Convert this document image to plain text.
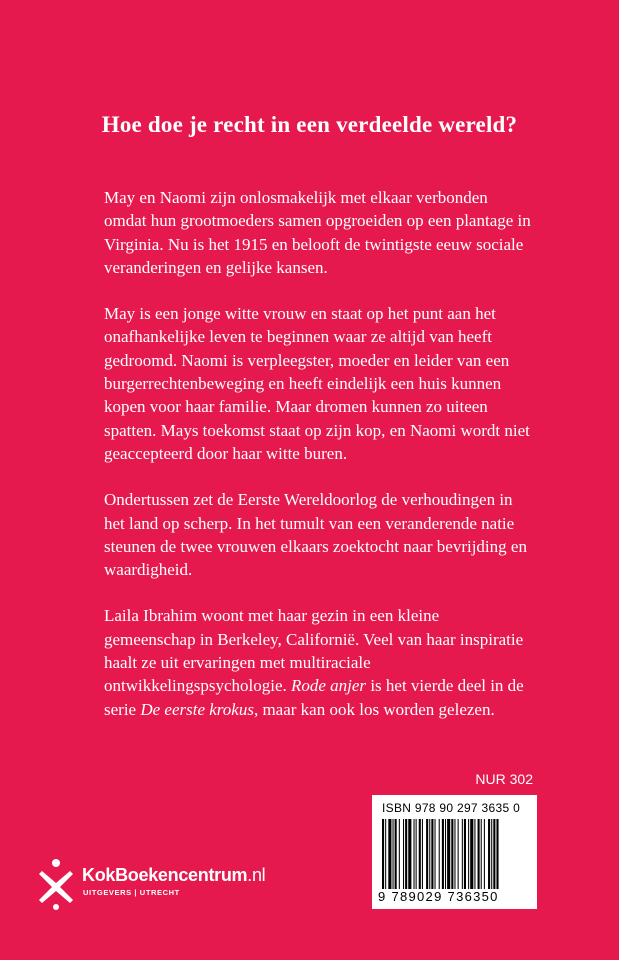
Hoe doe je recht in een verdeelde wereld?

May en Naomi zijn onlosmakelijk met elkaar verbonden omdat hun grootmoeders samen opgroeiden op een plantage in Virginia. Nu is het 1915 en belooft de twintigste eeuw sociale veranderingen en gelijke kansen.

May is een jonge witte vrouw en staat op het punt aan het onafhankelijke leven te beginnen waar ze altijd van heeft gedroomd. Naomi is verpleegster, moeder en leider van een burgerrechtenbeweging en heeft eindelijk een huis kunnen kopen voor haar familie. Maar dromen kunnen zo uiteen spatten. Mays toekomst staat op zijn kop, en Naomi wordt niet geaccepteerd door haar witte buren.

Ondertussen zet de Eerste Wereldoorlog de verhoudingen in het land op scherp. In het tumult van een veranderende natie steunen de twee vrouwen elkaars zoektocht naar bevrijding en waardigheid.

Laila Ibrahim woont met haar gezin in een kleine gemeenschap in Berkeley, Californië. Veel van haar inspiratie haalt ze uit ervaringen met multiraciale ontwikkelingspsychologie. Rode anjer is het vierde deel in de serie De eerste krokus, maar kan ook los worden gelezen.

NUR 302
ISBN 978 90 297 3635 0
9 789029 736350
KokBoekencentrum.nl
UITGEVERS | UTRECHT
